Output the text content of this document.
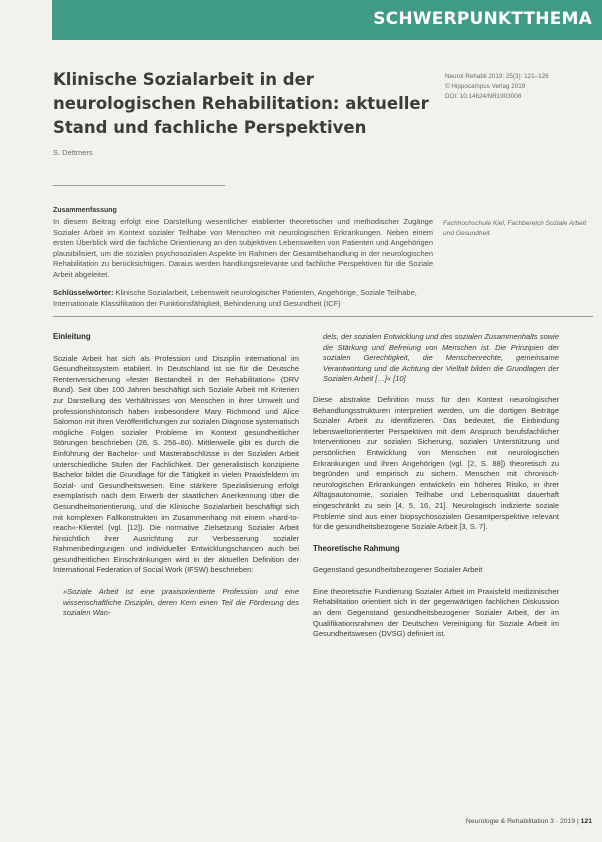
SCHWERPUNKTTHEMA
Klinische Sozialarbeit in der neurologischen Rehabilitation: aktueller Stand und fachliche Perspektiven
Neurol Rehabil 2019; 25(3): 121–126
© Hippocampus Verlag 2019
DOI: 10.14624/NR1903008
S. Dettmers
Zusammenfassung
In diesem Beitrag erfolgt eine Darstellung wesentlicher etablierter theoretischer und methodischer Zugänge Sozialer Arbeit im Kontext sozialer Teilhabe von Menschen mit neurologischen Erkrankungen. Neben einem ersten Überblick wird die fachliche Orientierung an den subjektiven Lebenswelten von Patienten und Angehörigen plausibilisiert, um die sozialen psychosozialen Aspekte im Rahmen der Gesamtbehandlung in der neurologischen Rehabilitation zu berücksichtigen. Daraus werden handlungsrelevante und fachliche Perspektiven für die Soziale Arbeit abgeleitet.
Fachhochschule Kiel, Fachbereich Soziale Arbeit und Gesundheit
Schlüsselwörter: Klinische Sozialarbeit, Lebenswelt neurologischer Patienten, Angehörige, Soziale Teilhabe, Internationale Klassifikation der Funktionsfähigkeit, Behinderung und Gesundheit (ICF)
Einleitung
Soziale Arbeit hat sich als Profession und Disziplin international im Gesundheitssystem etabliert. In Deutschland ist sie für die Deutsche Rentenversicherung »fester Bestandteil in der Rehabilitation« (DRV Bund). Seit über 100 Jahren beschäftigt sich Soziale Arbeit mit Kriterien zur Darstellung des Verhältnisses von Menschen in ihrer Umwelt und professionshistorisch haben insbesondere Mary Richmond und Alice Salomon mit ihren Veröffentlichungen zur sozialen Diagnose systematisch mögliche Folgen sozialer Probleme im Kontext gesundheitlicher Störungen beschrieben (26, S. 256–60). Mittlerweile gibt es durch die Einführung der Bachelor- und Masterabschlüsse in der Sozialen Arbeit unterschiedliche Stufen der Fachlichkeit. Der generalistisch konzipierte Bachelor bildet die Grundlage für die Tätigkeit in vielen Praxisfeldern im Sozial- und Gesundheitswesen. Eine stärkere Spezialisierung erfolgt exemplarisch nach dem Erwerb der staatlichen Anerkennung über die Gesundheitsorientierung, und die Klinische Sozialarbeit beschäftigt sich mit komplexen Fallkonstrukten im Zusammenhang mit einem »hard-to-reach«-Klientel (vgl. [12]). Die normative Zielsetzung Sozialer Arbeit hinsichtlich ihrer Ausrichtung zur Verbesserung sozialer Rahmenbedingungen und individueller Entwicklungschancen auch bei gesundheitlichen Einschränkungen wird in der aktuellen Definition der International Federation of Social Work (IFSW) beschrieben:
»Soziale Arbeit ist eine praxisorientierte Profession und eine wissenschaftliche Disziplin, deren Kern einen Teil die Förderung des sozialen Wan-
dels, der sozialen Entwicklung und des sozialen Zusammenhalts sowie die Stärkung und Befreiung von Menschen ist. Die Prinzipien der sozialen Gerechtigkeit, die Menschenrechte, gemeinsame Verantwortung und die Achtung der Vielfalt bilden die Grundlagen der Sozialen Arbeit […]« [10]
Diese abstrakte Definition muss für den Kontext neurologischer Behandlungsstrukturen interpretiert werden, um die dortigen Beiträge Sozialer Arbeit zu identifizieren. Das bedeutet, die Einbindung lebensweltorientierter Perspektiven mit dem Anspruch berufsfachlicher Interventionen zur sozialen Sicherung, sozialen Unterstützung und persönlichen Entwicklung von Menschen mit neurologischen Erkrankungen und ihren Angehörigen (vgl. [2, S. 88]) theoretisch zu begründen und empirisch zu sichern. Menschen mit chronisch-neurologischen Erkrankungen entwickeln ein höheres Risiko, in ihrer Alltagsautonomie, sozialen Teilhabe und Lebensqualität dauerhaft eingeschränkt zu sein [4, 5, 16, 21]. Neurologisch indizierte soziale Probleme sind aus einer biopsychosozialen Gesamtperspektive relevant für die gesundheitsbezogene Soziale Arbeit [3, S. 7].
Theoretische Rahmung
Gegenstand gesundheitsbezogener Sozialer Arbeit
Eine theoretische Fundierung Sozialer Arbeit im Praxisfeld medizinischer Rehabilitation orientiert sich in der gegenwärtigen fachlichen Diskussion an dem Gegenstand gesundheitsbezogener Sozialer Arbeit, der im Qualifikationsrahmen der Deutschen Vereinigung für Soziale Arbeit im Gesundheitswesen (DVSG) definiert ist.
Neurologie & Rehabilitation 3 · 2019 | 121
